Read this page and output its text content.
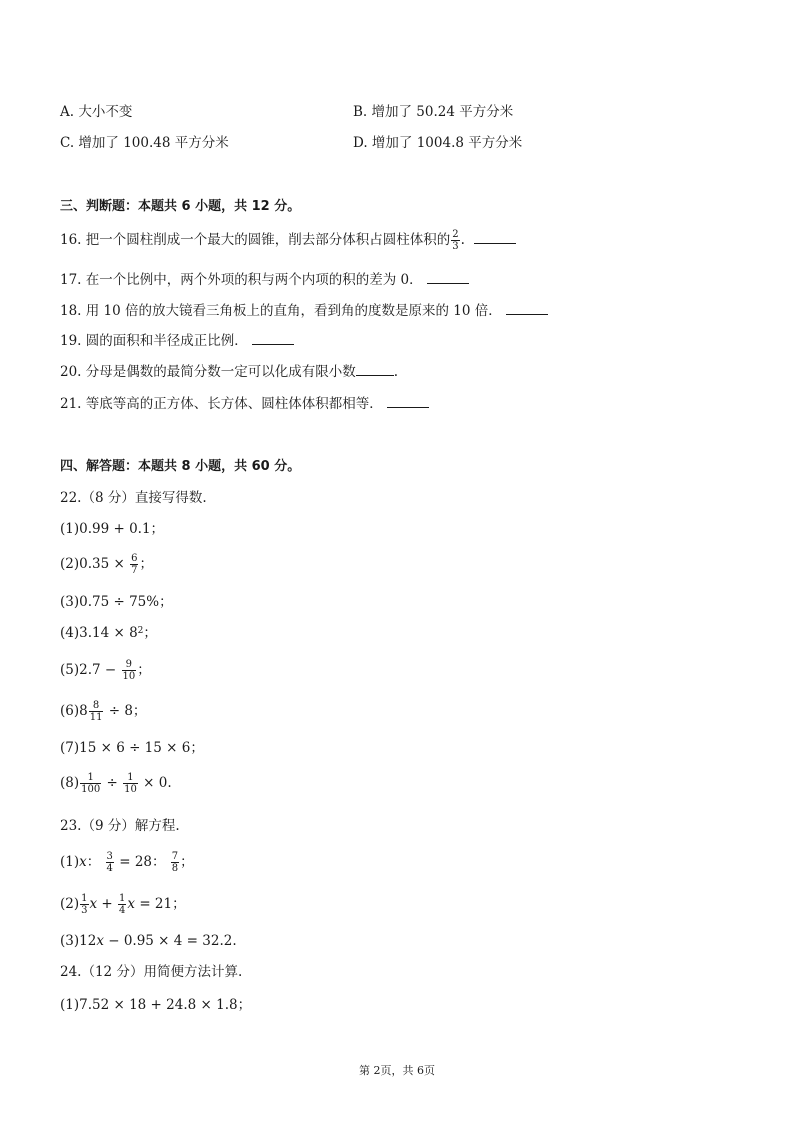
A. 大小不变	B. 增加了 50.24 平方分米
C. 增加了 100.48 平方分米	D. 增加了 1004.8 平方分米
三、判断题：本题共 6 小题，共 12 分。
16. 把一个圆柱削成一个最大的圆锥，削去部分体积占圆柱体积的 $\frac{2}{3}$ .
17. 在一个比例中，两个外项的积与两个内项的积的差为 0．
18. 用 10 倍的放大镜看三角板上的直角，看到角的度数是原来的 10 倍．
19. 圆的面积和半径成正比例．
20. 分母是偶数的最简分数一定可以化成有限小数	.
21. 等底等高的正方体、长方体、圆柱体体积都相等．
四、解答题：本题共 8 小题，共 60 分。
22.（8 分）直接写得数.
(1)0.99 + 0.1；
$(2)0.35 \times \frac{6}{7}$ ；
(3)0.75 ÷ 75%；
$(4)3.14 \times 8^2$；
$(5)2.7 - \frac{9}{10}$ ；
$(6)8 \frac{8}{11} \div 8$；
(7)15 × 6 ÷ 15 × 6；
$(8) \frac{1}{100} \div \frac{1}{10} \times 0$.
23.（9 分）解方程.
(1)x： $\frac{3}{4} = 28$： $\frac{7}{8}$ ；
$(2) \frac{1}{3}$ $x + \frac{1}{4}$ x = 21；
(3)12x − 0.95 × 4 = 32.2.
24.（12 分）用简便方法计算.
(1)7.52 × 18 + 24.8 × 1.8；
第 2页，共 6页
